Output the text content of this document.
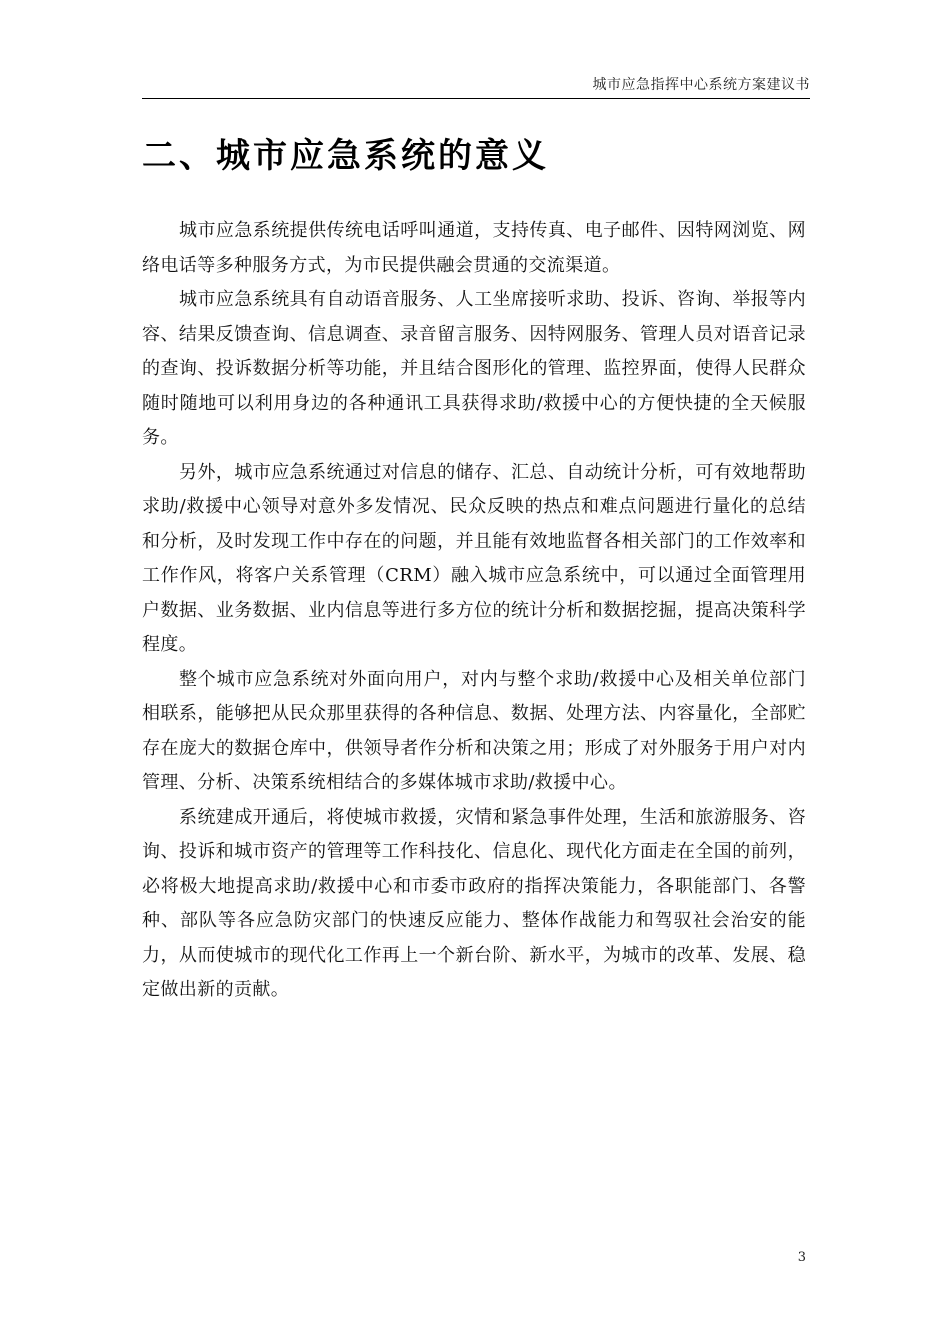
城市应急指挥中心系统方案建议书
二、城市应急系统的意义

城市应急系统提供传统电话呼叫通道，支持传真、电子邮件、因特网浏览、网络电话等多种服务方式，为市民提供融会贯通的交流渠道。

城市应急系统具有自动语音服务、人工坐席接听求助、投诉、咨询、举报等内容、结果反馈查询、信息调查、录音留言服务、因特网服务、管理人员对语音记录的查询、投诉数据分析等功能，并且结合图形化的管理、监控界面，使得人民群众随时随地可以利用身边的各种通讯工具获得求助/救援中心的方便快捷的全天候服务。

另外，城市应急系统通过对信息的储存、汇总、自动统计分析，可有效地帮助求助/救援中心领导对意外多发情况、民众反映的热点和难点问题进行量化的总结和分析，及时发现工作中存在的问题，并且能有效地监督各相关部门的工作效率和工作作风，将客户关系管理（CRM）融入城市应急系统中，可以通过全面管理用户数据、业务数据、业内信息等进行多方位的统计分析和数据挖掘，提高决策科学程度。

整个城市应急系统对外面向用户，对内与整个求助/救援中心及相关单位部门相联系，能够把从民众那里获得的各种信息、数据、处理方法、内容量化，全部贮存在庞大的数据仓库中，供领导者作分析和决策之用；形成了对外服务于用户对内管理、分析、决策系统相结合的多媒体城市求助/救援中心。

系统建成开通后，将使城市救援，灾情和紧急事件处理，生活和旅游服务、咨询、投诉和城市资产的管理等工作科技化、信息化、现代化方面走在全国的前列，必将极大地提高求助/救援中心和市委市政府的指挥决策能力，各职能部门、各警种、部队等各应急防灾部门的快速反应能力、整体作战能力和驾驭社会治安的能力，从而使城市的现代化工作再上一个新台阶、新水平，为城市的改革、发展、稳定做出新的贡献。

3
